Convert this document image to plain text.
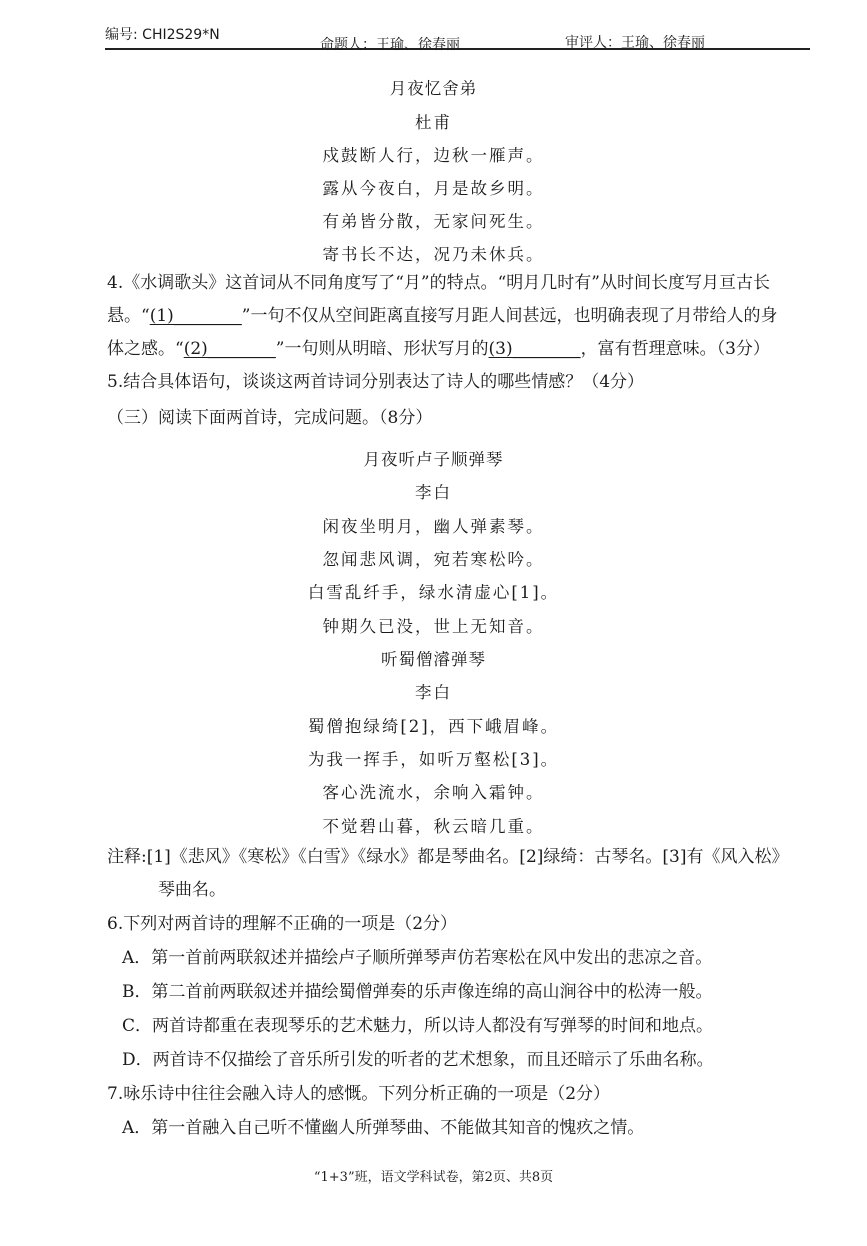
编号: CHI2S29*N
命题人：王瑜、徐春丽	审评人：王瑜、徐春丽
月夜忆舍弟
杜甫
戍鼓断人行，边秋一雁声。
露从今夜白，月是故乡明。
有弟皆分散，无家问死生。
寄书长不达，况乃未休兵。
4.《水调歌头》这首词从不同角度写了“月”的特点。“明月几时有”从时间长度写月亘古长
悬。“(1)________”一句不仅从空间距离直接写月距人间甚远，也明确表现了月带给人的身
体之感。“(2)________”一句则从明暗、形状写月的(3)________，富有哲理意味。（3分）
5.结合具体语句，谈谈这两首诗词分别表达了诗人的哪些情感？（4分）
（三）阅读下面两首诗，完成问题。（8分）
月夜听卢子顺弹琴
李白
闲夜坐明月，幽人弹素琴。
忽闻悲风调，宛若寒松吟。
白雪乱纤手，绿水清虚心[1]。
钟期久已没，世上无知音。
听蜀僧濬弹琴
李白
蜀僧抱绿绮[2]，西下峨眉峰。
为我一挥手，如听万壑松[3]。
客心洗流水，余响入霜钟。
不觉碧山暮，秋云暗几重。
注释:[1]《悲风》《寒松》《白雪》《绿水》都是琴曲名。[2]绿绮：古琴名。[3]有《风入松》
琴曲名。
6.下列对两首诗的理解不正确的一项是（2分）
A．第一首前两联叙述并描绘卢子顺所弹琴声仿若寒松在风中发出的悲凉之音。
B．第二首前两联叙述并描绘蜀僧弹奏的乐声像连绵的高山涧谷中的松涛一般。
C．两首诗都重在表现琴乐的艺术魅力，所以诗人都没有写弹琴的时间和地点。
D．两首诗不仅描绘了音乐所引发的听者的艺术想象，而且还暗示了乐曲名称。
7.咏乐诗中往往会融入诗人的感慨。下列分析正确的一项是（2分）
A．第一首融入自己听不懂幽人所弹琴曲、不能做其知音的愧疚之情。
“1+3”班，语文学科试卷，第2页、共8页
